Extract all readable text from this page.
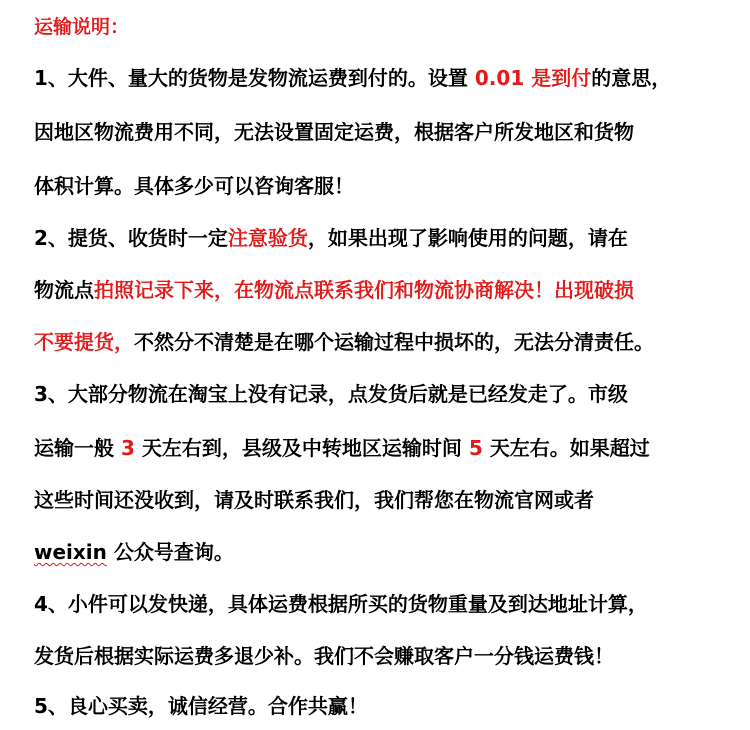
运输说明：
1、大件、量大的货物是发物流运费到付的。设置 0.01 是到付的意思，
因地区物流费用不同，无法设置固定运费，根据客户所发地区和货物
体积计算。具体多少可以咨询客服！
2、提货、收货时一定注意验货，如果出现了影响使用的问题，请在
物流点拍照记录下来，在物流点联系我们和物流协商解决！出现破损
不要提货，不然分不清楚是在哪个运输过程中损坏的，无法分清责任。
3、大部分物流在淘宝上没有记录，点发货后就是已经发走了。市级
运输一般 3 天左右到，县级及中转地区运输时间 5 天左右。如果超过
这些时间还没收到，请及时联系我们，我们帮您在物流官网或者
weixin 公众号查询。
4、小件可以发快递，具体运费根据所买的货物重量及到达地址计算，
发货后根据实际运费多退少补。我们不会赚取客户一分钱运费钱！
5、良心买卖，诚信经营。合作共赢！
